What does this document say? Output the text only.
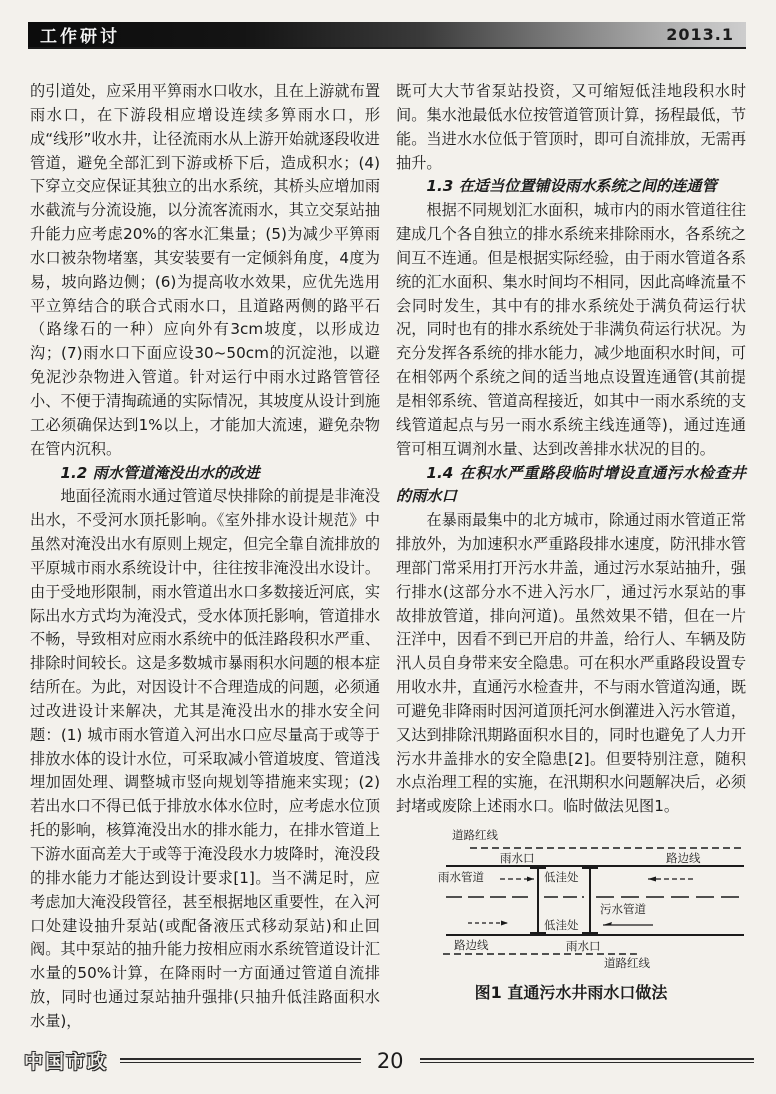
工作研讨	2013.1
的引道处，应采用平箅雨水口收水，且在上游就布置雨水口，在下游段相应增设连续多箅雨水口，形成“线形”收水井，让径流雨水从上游开始就逐段收进管道，避免全部汇到下游或桥下后，造成积水；(4)下穿立交应保证其独立的出水系统，其桥头应增加雨水截流与分流设施，以分流客流雨水，其立交泵站抽升能力应考虑20%的客水汇集量；(5)为减少平箅雨水口被杂物堵塞，其安装要有一定倾斜角度，4度为易，坡向路边侧；(6)为提高收水效果，应优先选用平立箅结合的联合式雨水口，且道路两侧的路平石（路缘石的一种）应向外有3cm坡度，以形成边沟；(7)雨水口下面应设30~50cm的沉淀池，以避免泥沙杂物进入管道。针对运行中雨水过路管管径小、不便于清掏疏通的实际情况，其坡度从设计到施工必须确保达到1%以上，才能加大流速，避免杂物在管内沉积。
1.2 雨水管道淹没出水的改进
地面径流雨水通过管道尽快排除的前提是非淹没出水，不受河水顶托影响。《室外排水设计规范》中虽然对淹没出水有原则上规定，但完全靠自流排放的平原城市雨水系统设计中，往往按非淹没出水设计。由于受地形限制，雨水管道出水口多数接近河底，实际出水方式均为淹没式，受水体顶托影响，管道排水不畅，导致相对应雨水系统中的低洼路段积水严重、排除时间较长。这是多数城市暴雨积水问题的根本症结所在。为此，对因设计不合理造成的问题，必须通过改进设计来解决，尤其是淹没出水的排水安全问题：(1) 城市雨水管道入河出水口应尽量高于或等于排放水体的设计水位，可采取减小管道坡度、管道浅埋加固处理、调整城市竖向规划等措施来实现；(2) 若出水口不得已低于排放水体水位时，应考虑水位顶托的影响，核算淹没出水的排水能力，在排水管道上下游水面高差大于或等于淹没段水力坡降时，淹没段的排水能力才能达到设计要求[1]。当不满足时，应考虑加大淹没段管径，甚至根据地区重要性，在入河口处建设抽升泵站(或配备液压式移动泵站)和止回阀。其中泵站的抽升能力按相应雨水系统管道设计汇水量的50%计算，在降雨时一方面通过管道自流排放，同时也通过泵站抽升强排(只抽升低洼路面积水水量)，
既可大大节省泵站投资，又可缩短低洼地段积水时间。集水池最低水位按管道管顶计算，扬程最低，节能。当进水水位低于管顶时，即可自流排放，无需再抽升。
1.3 在适当位置铺设雨水系统之间的连通管
根据不同规划汇水面积，城市内的雨水管道往往建成几个各自独立的排水系统来排除雨水，各系统之间互不连通。但是根据实际经验，由于雨水管道各系统的汇水面积、集水时间均不相同，因此高峰流量不会同时发生，其中有的排水系统处于满负荷运行状况，同时也有的排水系统处于非满负荷运行状况。为充分发挥各系统的排水能力，减少地面积水时间，可在相邻两个系统之间的适当地点设置连通管(其前提是相邻系统、管道高程接近，如其中一雨水系统的支线管道起点与另一雨水系统主线连通等)，通过连通管可相互调剂水量、达到改善排水状况的目的。
1.4 在积水严重路段临时增设直通污水检查井的雨水口
在暴雨最集中的北方城市，除通过雨水管道正常排放外，为加速积水严重路段排水速度，防汛排水管理部门常采用打开污水井盖，通过污水泵站抽升，强行排水(这部分水不进入污水厂，通过污水泵站的事故排放管道，排向河道)。虽然效果不错，但在一片汪洋中，因看不到已开启的井盖，给行人、车辆及防汛人员自身带来安全隐患。可在积水严重路段设置专用收水井，直通污水检查井，不与雨水管道沟通，既可避免非降雨时因河道顶托河水倒灌进入污水管道，又达到排除汛期路面积水目的，同时也避免了人力开污水井盖排水的安全隐患[2]。但要特别注意，随积水点治理工程的实施，在汛期积水问题解决后，必须封堵或废除上述雨水口。临时做法见图1。
道路红线
雨水口	路边线
雨水管道	低洼处
污水管道
低洼处
路边线	雨水口
道路红线
图1 直通污水井雨水口做法
中国市政	20
